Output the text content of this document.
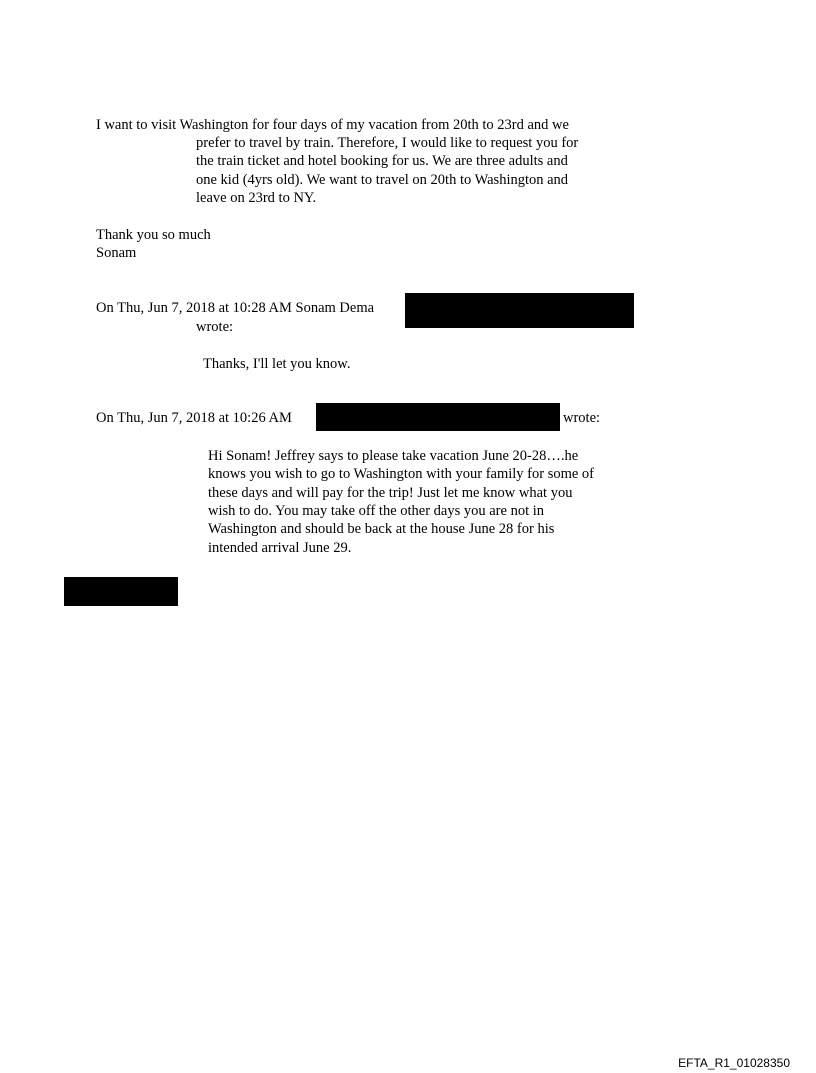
I want to visit Washington for four days of my vacation from 20th to 23rd and we
prefer to travel by train. Therefore, I would like to request you for
the train ticket and hotel booking for us. We are three adults and
one kid (4yrs old). We want to travel on 20th to Washington and
leave on 23rd to NY.
Thank you so much
Sonam
On Thu, Jun 7, 2018 at 10:28 AM Sonam Dema
wrote:
Thanks, I'll let you know.
On Thu, Jun 7, 2018 at 10:26 AM	wrote:
Hi Sonam! Jeffrey says to please take vacation June 20-28….he
knows you wish to go to Washington with your family for some of
these days and will pay for the trip! Just let me know what you
wish to do. You may take off the other days you are not in
Washington and should be back at the house June 28 for his
intended arrival June 29.
EFTA_R1_01028350
